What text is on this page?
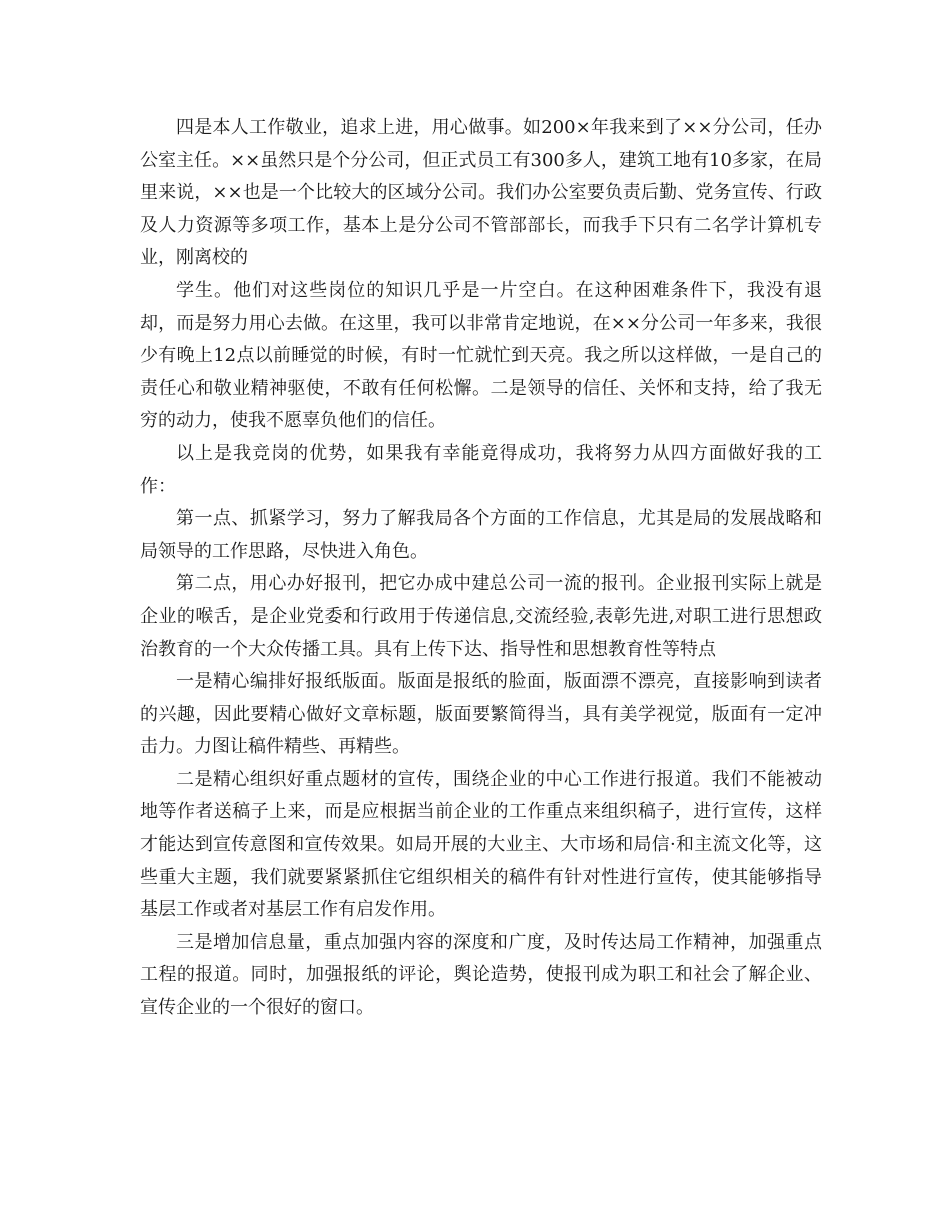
四是本人工作敬业，追求上进，用心做事。如200×年我来到了××分公司，任办公室主任。××虽然只是个分公司，但正式员工有300多人，建筑工地有10多家，在局里来说，××也是一个比较大的区域分公司。我们办公室要负责后勤、党务宣传、行政及人力资源等多项工作，基本上是分公司不管部部长，而我手下只有二名学计算机专业，刚离校的

学生。他们对这些岗位的知识几乎是一片空白。在这种困难条件下，我没有退却，而是努力用心去做。在这里，我可以非常肯定地说，在××分公司一年多来，我很少有晚上12点以前睡觉的时候，有时一忙就忙到天亮。我之所以这样做，一是自己的责任心和敬业精神驱使，不敢有任何松懈。二是领导的信任、关怀和支持，给了我无穷的动力，使我不愿辜负他们的信任。

以上是我竞岗的优势，如果我有幸能竟得成功，我将努力从四方面做好我的工作：

第一点、抓紧学习，努力了解我局各个方面的工作信息，尤其是局的发展战略和局领导的工作思路，尽快进入角色。

第二点，用心办好报刊，把它办成中建总公司一流的报刊。企业报刊实际上就是企业的喉舌，是企业党委和行政用于传递信息,交流经验,表彰先进,对职工进行思想政治教育的一个大众传播工具。具有上传下达、指导性和思想教育性等特点

一是精心编排好报纸版面。版面是报纸的脸面，版面漂不漂亮，直接影响到读者的兴趣，因此要精心做好文章标题，版面要繁简得当，具有美学视觉，版面有一定冲击力。力图让稿件精些、再精些。

二是精心组织好重点题材的宣传，围绕企业的中心工作进行报道。我们不能被动地等作者送稿子上来，而是应根据当前企业的工作重点来组织稿子，进行宣传，这样才能达到宣传意图和宣传效果。如局开展的大业主、大市场和局信·和主流文化等，这些重大主题，我们就要紧紧抓住它组织相关的稿件有针对性进行宣传，使其能够指导基层工作或者对基层工作有启发作用。

三是增加信息量，重点加强内容的深度和广度，及时传达局工作精神，加强重点工程的报道。同时，加强报纸的评论，舆论造势，使报刊成为职工和社会了解企业、宣传企业的一个很好的窗口。
